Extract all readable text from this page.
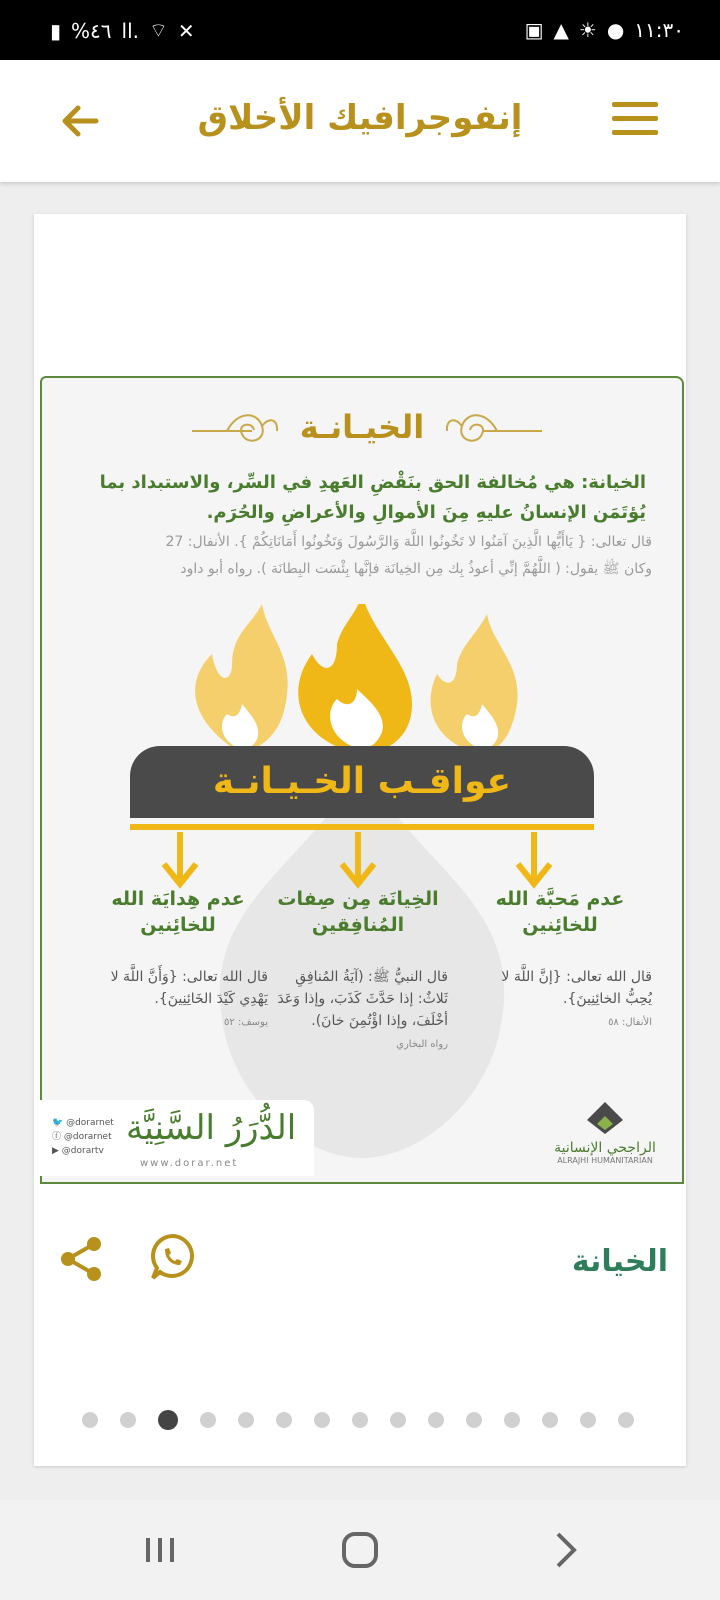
▮ %٤٦ ll. ⌔ ✕	▣ ▲ ☀ ● ١١:٣٠
إنفوجرافيك الأخلاق
الخيـانـة
الخيانة: هي مُخالفة الحق بنَقْضِ العَهدِ في السِّر، والاستبداد بما يُؤتَمَن الإنسانُ عليهِ مِنَ الأموالِ والأعراضِ والحُرَم.
قال تعالى: { يَاأَيُّها الَّذِينَ آمَنُوا لا تَخُونُوا اللَّهَ وَالرَّسُولَ وَتَخُونُوا أَمَانَاتِكُمْ }. الأنفال: 27
وكان ﷺ يقول: ( اللَّهُمَّ إنِّي أعوذُ بِك مِن الخِيانَة فإنَّها بِئْسَت البِطانَة ). رواه أبو داود
عواقـب الخـيـانـة
عدم مَحبَّة الله للخائِنين
الخِيانَة مِن صِفات المُنافِقين
عدم هِدايَة الله للخائِنين
قال الله تعالى: {إنَّ اللَّهَ لا يُحِبُّ الخائِنِينَ}.
الأنفال: ٥٨
قال النبيُّ ﷺ: (آيَةُ المُنافِقِ ثَلاثٌ: إذا حَدَّثَ كَذَبَ، وإذا وَعَدَ أخْلَفَ، وإذا اؤْتُمِنَ خانَ).
رواه البخاري
قال الله تعالى: {وَأَنَّ اللَّهَ لا يَهْدِي كَيْدَ الخَائِنِينَ}.
يوسف: ٥٢
🐦 @dorarnet
ⓕ @dorarnet
▶ @dorartv
الدُّرَرُ السَّنِيَّة
www.dorar.net
الراجحي الإنسانية
ALRAJHI HUMANITARIAN
الخيانة
